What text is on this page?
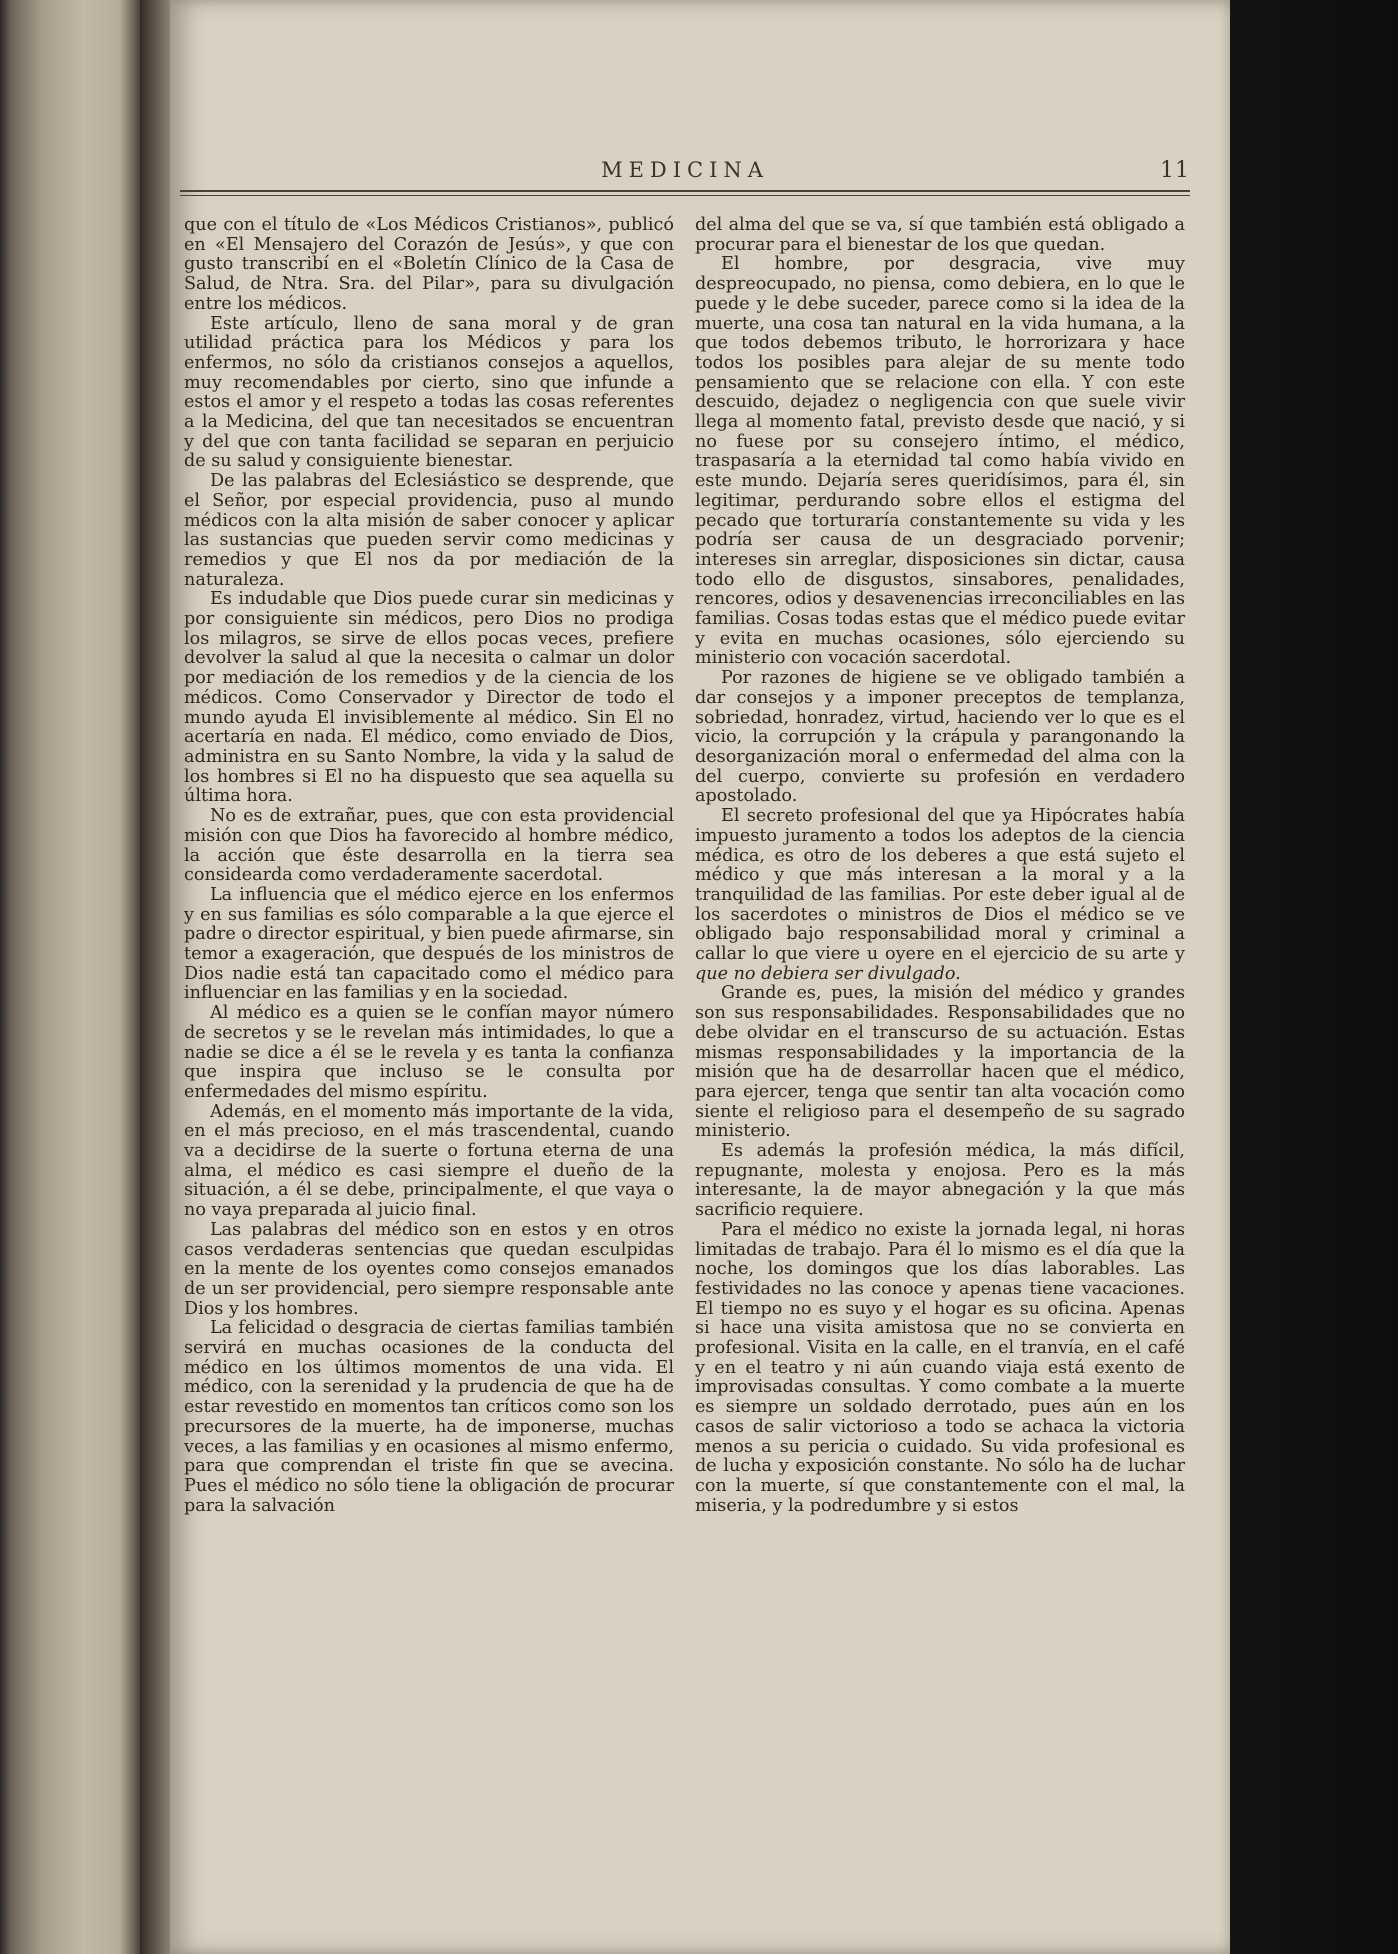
MEDICINA	11

que con el título de «Los Médicos Cristianos», publicó en «El Mensajero del Corazón de Jesús», y que con gusto transcribí en el «Boletín Clínico de la Casa de Salud, de Ntra. Sra. del Pilar», para su divulgación entre los médicos.

Este artículo, lleno de sana moral y de gran utilidad práctica para los Médicos y para los enfermos, no sólo da cristianos consejos a aquellos, muy recomendables por cierto, sino que infunde a estos el amor y el respeto a todas las cosas referentes a la Medicina, del que tan necesitados se encuentran y del que con tanta facilidad se separan en perjuicio de su salud y consiguiente bienestar.

De las palabras del Eclesiástico se desprende, que el Señor, por especial providencia, puso al mundo médicos con la alta misión de saber conocer y aplicar las sustancias que pueden servir como medicinas y remedios y que El nos da por mediación de la naturaleza.

Es indudable que Dios puede curar sin medicinas y por consiguiente sin médicos, pero Dios no prodiga los milagros, se sirve de ellos pocas veces, prefiere devolver la salud al que la necesita o calmar un dolor por mediación de los remedios y de la ciencia de los médicos. Como Conservador y Director de todo el mundo ayuda El invisiblemente al médico. Sin El no acertaría en nada. El médico, como enviado de Dios, administra en su Santo Nombre, la vida y la salud de los hombres si El no ha dispuesto que sea aquella su última hora.

No es de extrañar, pues, que con esta providencial misión con que Dios ha favorecido al hombre médico, la acción que éste desarrolla en la tierra sea considearda como verdaderamente sacerdotal.

La influencia que el médico ejerce en los enfermos y en sus familias es sólo comparable a la que ejerce el padre o director espiritual, y bien puede afirmarse, sin temor a exageración, que después de los ministros de Dios nadie está tan capacitado como el médico para influenciar en las familias y en la sociedad.

Al médico es a quien se le confían mayor número de secretos y se le revelan más intimidades, lo que a nadie se dice a él se le revela y es tanta la confianza que inspira que incluso se le consulta por enfermedades del mismo espíritu.

Además, en el momento más importante de la vida, en el más precioso, en el más trascendental, cuando va a decidirse de la suerte o fortuna eterna de una alma, el médico es casi siempre el dueño de la situación, a él se debe, principalmente, el que vaya o no vaya preparada al juicio final.

Las palabras del médico son en estos y en otros casos verdaderas sentencias que quedan esculpidas en la mente de los oyentes como consejos emanados de un ser providencial, pero siempre responsable ante Dios y los hombres.

La felicidad o desgracia de ciertas familias también servirá en muchas ocasiones de la conducta del médico en los últimos momentos de una vida. El médico, con la serenidad y la prudencia de que ha de estar revestido en momentos tan críticos como son los precursores de la muerte, ha de imponerse, muchas veces, a las familias y en ocasiones al mismo enfermo, para que comprendan el triste fin que se avecina. Pues el médico no sólo tiene la obligación de procurar para la salvación

del alma del que se va, sí que también está obligado a procurar para el bienestar de los que quedan.

El hombre, por desgracia, vive muy despreocupado, no piensa, como debiera, en lo que le puede y le debe suceder, parece como si la idea de la muerte, una cosa tan natural en la vida humana, a la que todos debemos tributo, le horrorizara y hace todos los posibles para alejar de su mente todo pensamiento que se relacione con ella. Y con este descuido, dejadez o negligencia con que suele vivir llega al momento fatal, previsto desde que nació, y si no fuese por su consejero íntimo, el médico, traspasaría a la eternidad tal como había vivido en este mundo. Dejaría seres queridísimos, para él, sin legitimar, perdurando sobre ellos el estigma del pecado que torturaría constantemente su vida y les podría ser causa de un desgraciado porvenir; intereses sin arreglar, disposiciones sin dictar, causa todo ello de disgustos, sinsabores, penalidades, rencores, odios y desavenencias irreconciliables en las familias. Cosas todas estas que el médico puede evitar y evita en muchas ocasiones, sólo ejerciendo su ministerio con vocación sacerdotal.

Por razones de higiene se ve obligado también a dar consejos y a imponer preceptos de templanza, sobriedad, honradez, virtud, haciendo ver lo que es el vicio, la corrupción y la crápula y parangonando la desorganización moral o enfermedad del alma con la del cuerpo, convierte su profesión en verdadero apostolado.

El secreto profesional del que ya Hipócrates había impuesto juramento a todos los adeptos de la ciencia médica, es otro de los deberes a que está sujeto el médico y que más interesan a la moral y a la tranquilidad de las familias. Por este deber igual al de los sacerdotes o ministros de Dios el médico se ve obligado bajo responsabilidad moral y criminal a callar lo que viere u oyere en el ejercicio de su arte y que no debiera ser divulgado.

Grande es, pues, la misión del médico y grandes son sus responsabilidades. Responsabilidades que no debe olvidar en el transcurso de su actuación. Estas mismas responsabilidades y la importancia de la misión que ha de desarrollar hacen que el médico, para ejercer, tenga que sentir tan alta vocación como siente el religioso para el desempeño de su sagrado ministerio.

Es además la profesión médica, la más difícil, repugnante, molesta y enojosa. Pero es la más interesante, la de mayor abnegación y la que más sacrificio requiere.

Para el médico no existe la jornada legal, ni horas limitadas de trabajo. Para él lo mismo es el día que la noche, los domingos que los días laborables. Las festividades no las conoce y apenas tiene vacaciones. El tiempo no es suyo y el hogar es su oficina. Apenas si hace una visita amistosa que no se convierta en profesional. Visita en la calle, en el tranvía, en el café y en el teatro y ni aún cuando viaja está exento de improvisadas consultas. Y como combate a la muerte es siempre un soldado derrotado, pues aún en los casos de salir victorioso a todo se achaca la victoria menos a su pericia o cuidado. Su vida profesional es de lucha y exposición constante. No sólo ha de luchar con la muerte, sí que constantemente con el mal, la miseria, y la podredumbre y si estos
